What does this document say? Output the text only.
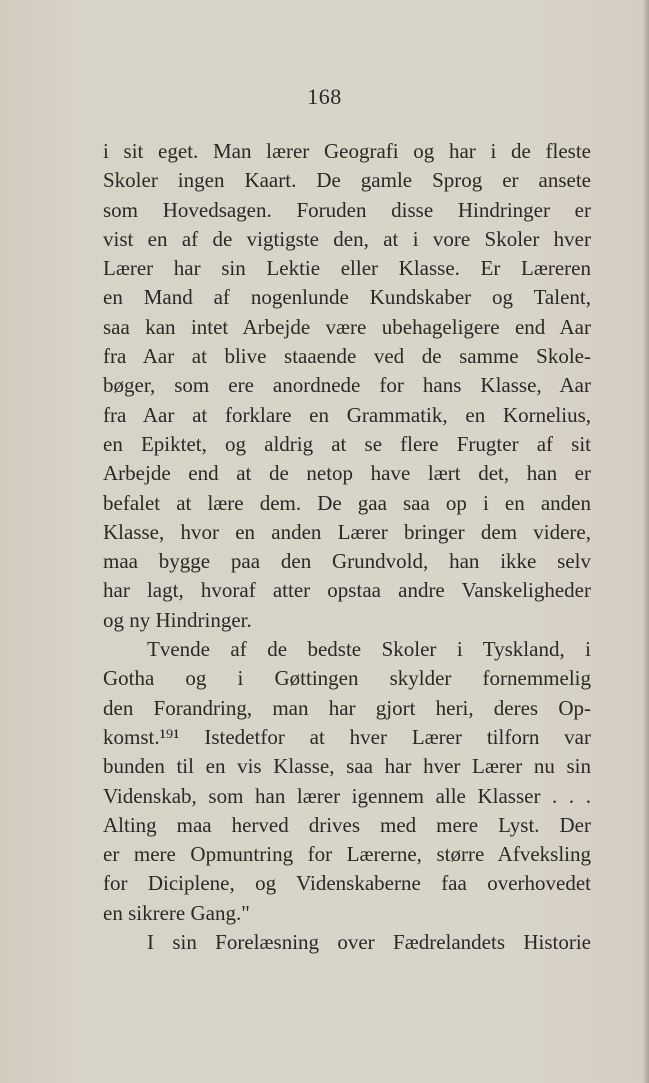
168
i sit eget. Man lærer Geografi og har i de fleste
Skoler ingen Kaart. De gamle Sprog er ansete
som Hovedsagen. Foruden disse Hindringer er
vist en af de vigtigste den, at i vore Skoler hver
Lærer har sin Lektie eller Klasse. Er Læreren
en Mand af nogenlunde Kundskaber og Talent,
saa kan intet Arbejde være ubehageligere end Aar
fra Aar at blive staaende ved de samme Skole-
bøger, som ere anordnede for hans Klasse, Aar
fra Aar at forklare en Grammatik, en Kornelius,
en Epiktet, og aldrig at se flere Frugter af sit
Arbejde end at de netop have lært det, han er
befalet at lære dem. De gaa saa op i en anden
Klasse, hvor en anden Lærer bringer dem videre,
maa bygge paa den Grundvold, han ikke selv
har lagt, hvoraf atter opstaa andre Vanskeligheder
og ny Hindringer.
Tvende af de bedste Skoler i Tyskland, i
Gotha og i Gøttingen skylder fornemmelig
den Forandring, man har gjort heri, deres Op-
komst.¹⁹¹ Istedetfor at hver Lærer tilforn var
bunden til en vis Klasse, saa har hver Lærer nu sin
Videnskab, som han lærer igennem alle Klasser . . .
Alting maa herved drives med mere Lyst. Der
er mere Opmuntring for Lærerne, større Afveksling
for Diciplene, og Videnskaberne faa overhovedet
en sikrere Gang."
I sin Forelæsning over Fædrelandets Historie
